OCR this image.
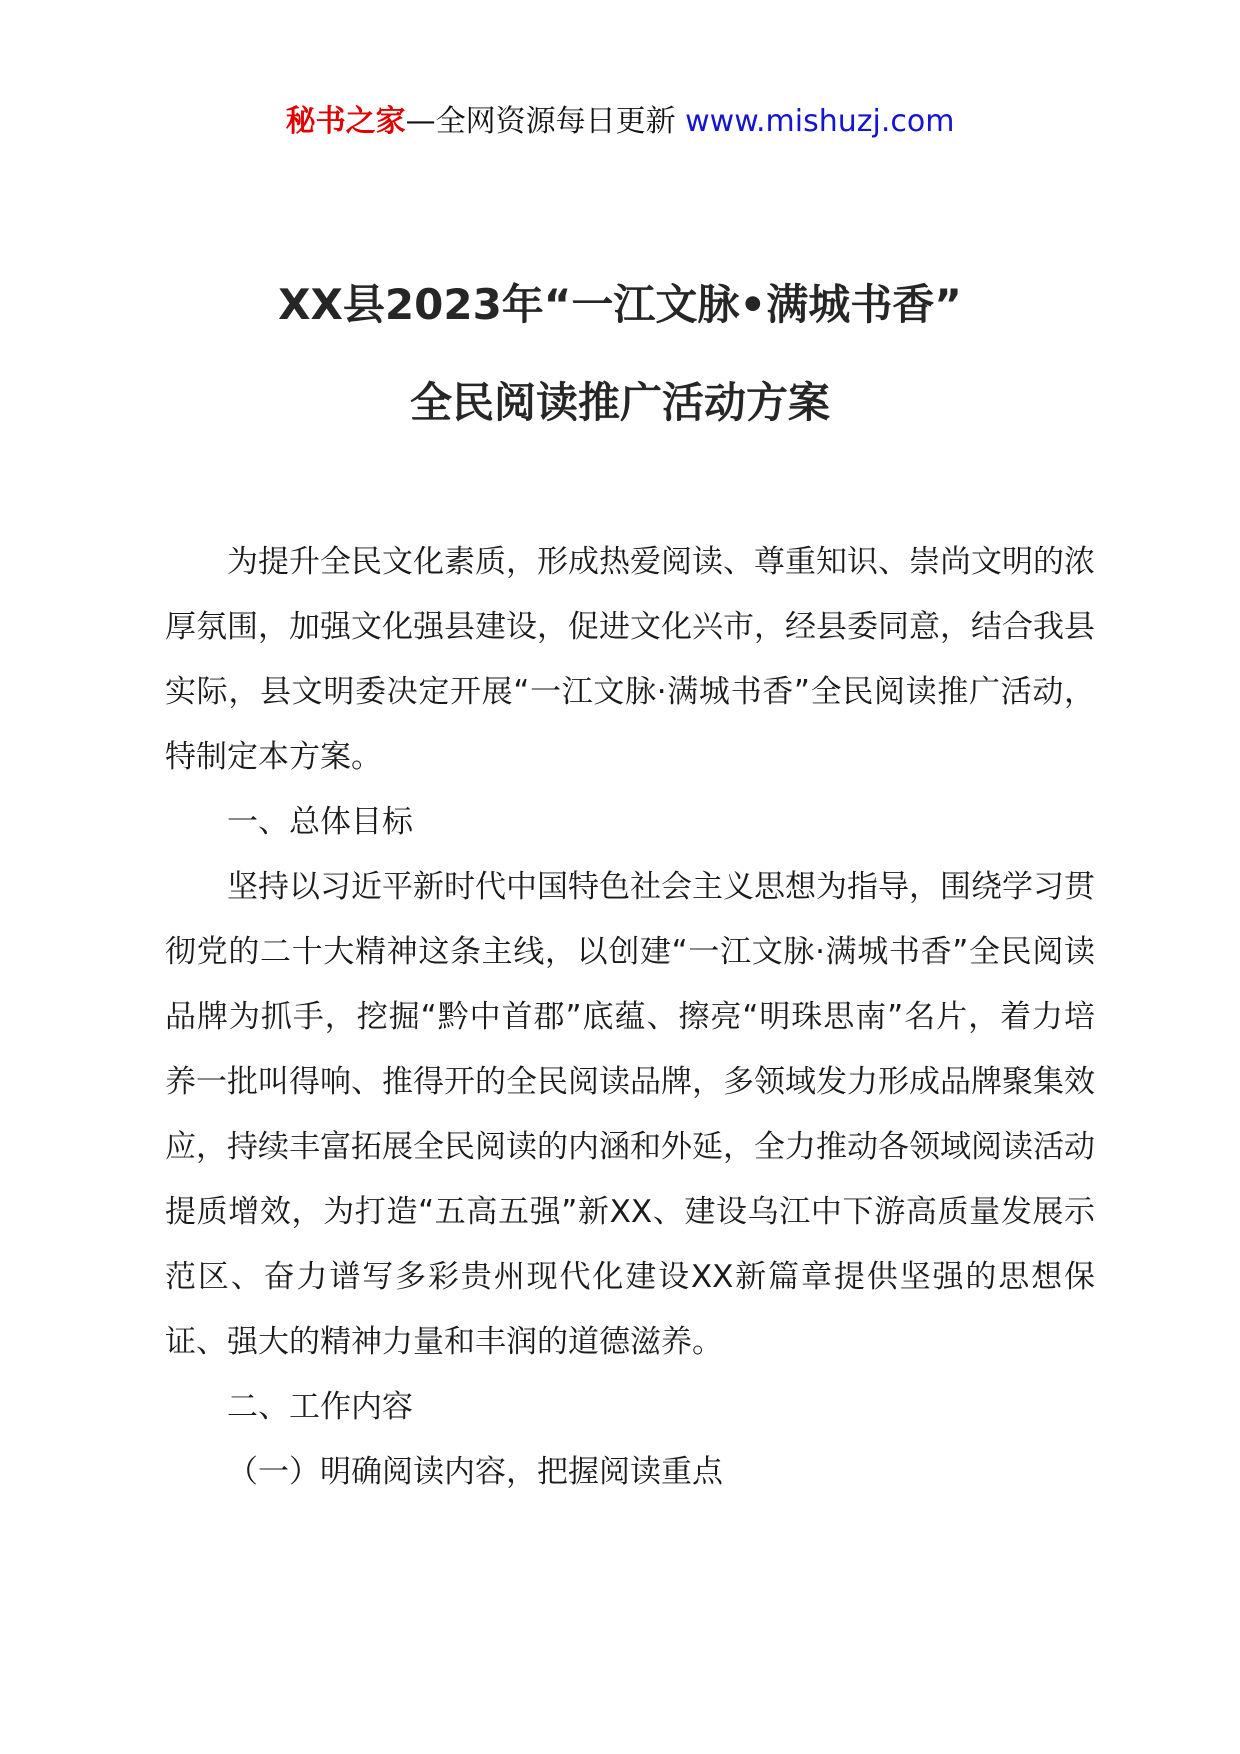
秘书之家—全网资源每日更新 www.mishuzj.com
XX县2023年“一江文脉•满城书香”
全民阅读推广活动方案

为提升全民文化素质，形成热爱阅读、尊重知识、崇尚文明的浓厚氛围，加强文化强县建设，促进文化兴市，经县委同意，结合我县实际，县文明委决定开展“一江文脉·满城书香”全民阅读推广活动，特制定本方案。

一、总体目标

坚持以习近平新时代中国特色社会主义思想为指导，围绕学习贯彻党的二十大精神这条主线，以创建“一江文脉·满城书香”全民阅读品牌为抓手，挖掘“黔中首郡”底蕴、擦亮“明珠思南”名片，着力培养一批叫得响、推得开的全民阅读品牌，多领域发力形成品牌聚集效应，持续丰富拓展全民阅读的内涵和外延，全力推动各领域阅读活动提质增效，为打造“五高五强”新XX、建设乌江中下游高质量发展示范区、奋力谱写多彩贵州现代化建设XX新篇章提供坚强的思想保证、强大的精神力量和丰润的道德滋养。

二、工作内容

（一）明确阅读内容，把握阅读重点
